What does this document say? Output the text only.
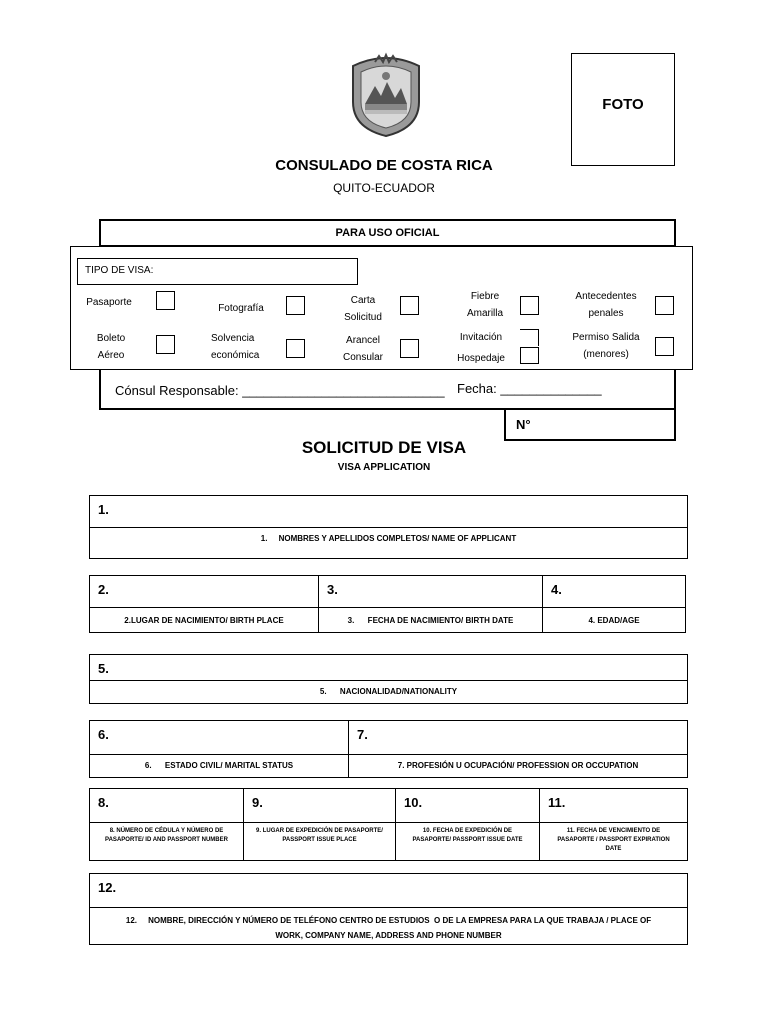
FOTO
CONSULADO DE COSTA RICA
QUITO-ECUADOR
PARA USO OFICIAL
TIPO DE VISA:
Pasaporte
Fotografía
Carta
Solicitud
Fiebre
Amarilla
Antecedentes
penales
Boleto
Aéreo
Solvencia
económica
Arancel
Consular
Invitación
Hospedaje
Permiso Salida
(menores)
Cónsul Responsable: ____________________________ Fecha: ______________
N°
SOLICITUD DE VISA
VISA APPLICATION
1.
1.     NOMBRES Y APELLIDOS COMPLETOS/ NAME OF APPLICANT
2.
2.LUGAR DE NACIMIENTO/ BIRTH PLACE
3.
3.      FECHA DE NACIMIENTO/ BIRTH DATE
4.
4. EDAD/AGE
5.
5.      NACIONALIDAD/NATIONALITY
6.
6.      ESTADO CIVIL/ MARITAL STATUS
7.
7. PROFESIÓN U OCUPACIÓN/ PROFESSION OR OCCUPATION
8.
8. NÚMERO DE CÉDULA Y NÚMERO DE PASAPORTE/ ID AND PASSPORT NUMBER
9.
9. LUGAR DE EXPEDICIÓN DE PASAPORTE/ PASSPORT ISSUE PLACE
10.
10. FECHA DE EXPEDICIÓN DE PASAPORTE/ PASSPORT ISSUE DATE
11.
11. FECHA DE VENCIMIENTO DE PASAPORTE / PASSPORT EXPIRATION DATE
12.
12.     NOMBRE, DIRECCIÓN Y NÚMERO DE TELÉFONO CENTRO DE ESTUDIOS  O DE LA EMPRESA PARA LA QUE TRABAJA / PLACE OF WORK, COMPANY NAME, ADDRESS AND PHONE NUMBER
